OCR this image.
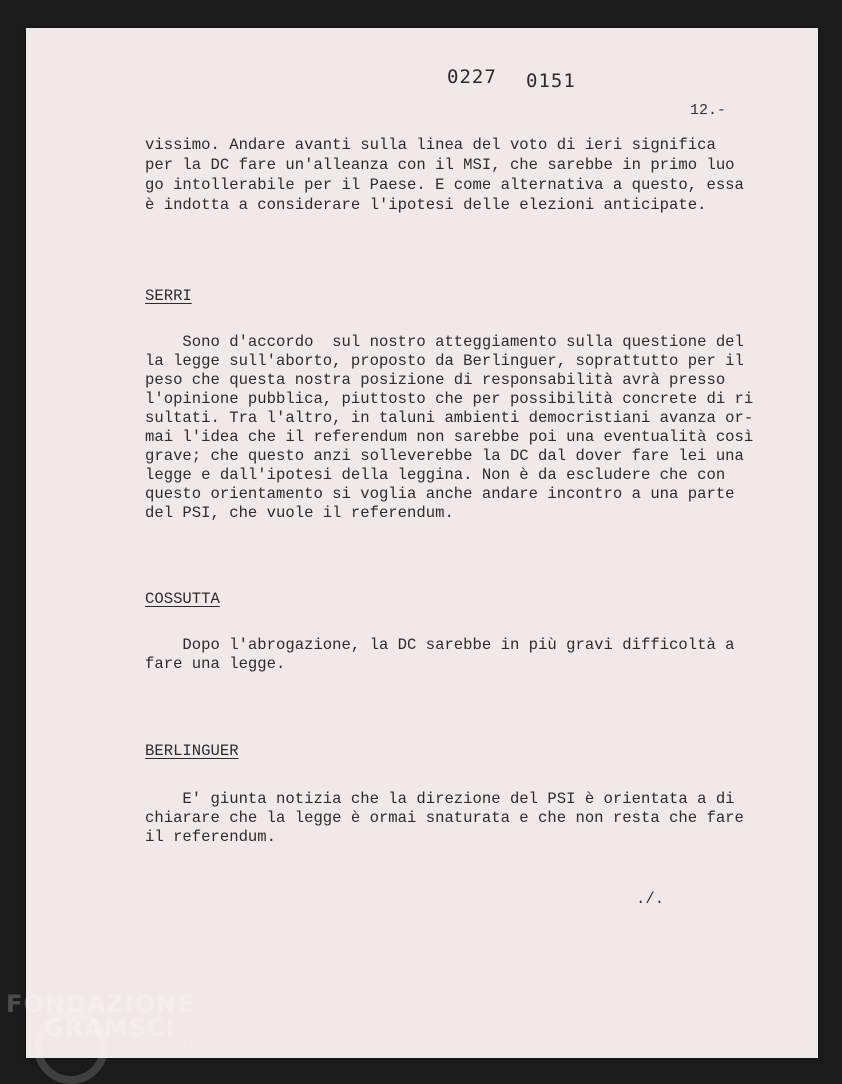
0227 0151
12.-
vissimo. Andare avanti sulla linea del voto di ieri significa
per la DC fare un'alleanza con il MSI, che sarebbe in primo luo
go intollerabile per il Paese. E come alternativa a questo, essa
è indotta a considerare l'ipotesi delle elezioni anticipate.
SERRI
Sono d'accordo  sul nostro atteggiamento sulla questione del
la legge sull'aborto, proposto da Berlinguer, soprattutto per il
peso che questa nostra posizione di responsabilità avrà presso
l'opinione pubblica, piuttosto che per possibilità concrete di ri
sultati. Tra l'altro, in taluni ambienti democristiani avanza or-
mai l'idea che il referendum non sarebbe poi una eventualità così
grave; che questo anzi solleverebbe la DC dal dover fare lei una
legge e dall'ipotesi della leggina. Non è da escludere che con
questo orientamento si voglia anche andare incontro a una parte
del PSI, che vuole il referendum.
COSSUTTA
Dopo l'abrogazione, la DC sarebbe in più gravi difficoltà a
fare una legge.
BERLINGUER
E' giunta notizia che la direzione del PSI è orientata a di
chiarare che la legge è ormai snaturata e che non resta che fare
il referendum.
./.
FONDAZIONE
GRAMSCI
onlus
